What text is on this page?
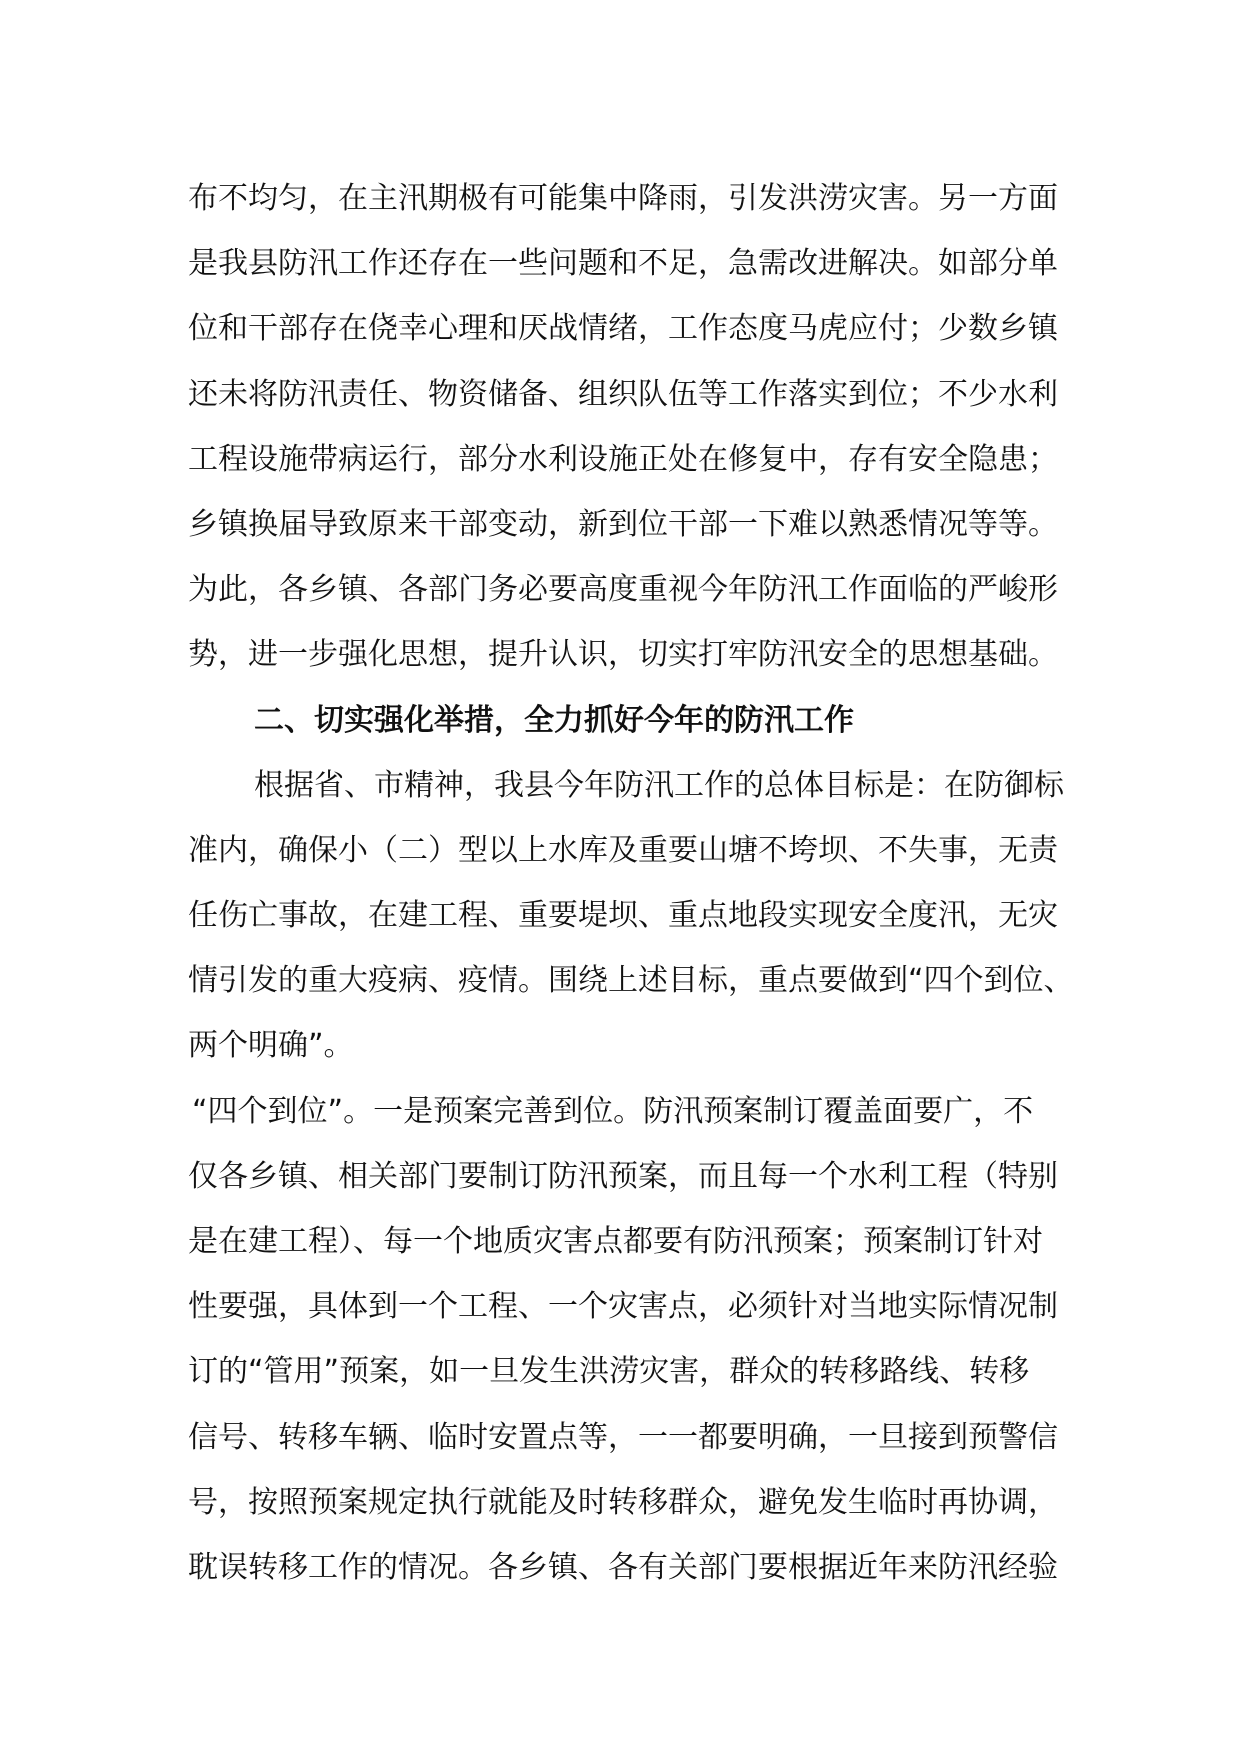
布不均匀，在主汛期极有可能集中降雨，引发洪涝灾害。另一方面
是我县防汛工作还存在一些问题和不足，急需改进解决。如部分单
位和干部存在侥幸心理和厌战情绪，工作态度马虎应付；少数乡镇
还未将防汛责任、物资储备、组织队伍等工作落实到位；不少水利
工程设施带病运行，部分水利设施正处在修复中，存有安全隐患；
乡镇换届导致原来干部变动，新到位干部一下难以熟悉情况等等。
为此，各乡镇、各部门务必要高度重视今年防汛工作面临的严峻形
势，进一步强化思想，提升认识，切实打牢防汛安全的思想基础。
二、切实强化举措，全力抓好今年的防汛工作
根据省、市精神，我县今年防汛工作的总体目标是：在防御标
准内，确保小（二）型以上水库及重要山塘不垮坝、不失事，无责
任伤亡事故，在建工程、重要堤坝、重点地段实现安全度汛，无灾
情引发的重大疫病、疫情。围绕上述目标，重点要做到“四个到位、
两个明确”。
“四个到位”。一是预案完善到位。防汛预案制订覆盖面要广，不
仅各乡镇、相关部门要制订防汛预案，而且每一个水利工程（特别
是在建工程）、每一个地质灾害点都要有防汛预案；预案制订针对
性要强，具体到一个工程、一个灾害点，必须针对当地实际情况制
订的“管用”预案，如一旦发生洪涝灾害，群众的转移路线、转移
信号、转移车辆、临时安置点等，一一都要明确，一旦接到预警信
号，按照预案规定执行就能及时转移群众，避免发生临时再协调，
耽误转移工作的情况。各乡镇、各有关部门要根据近年来防汛经验
